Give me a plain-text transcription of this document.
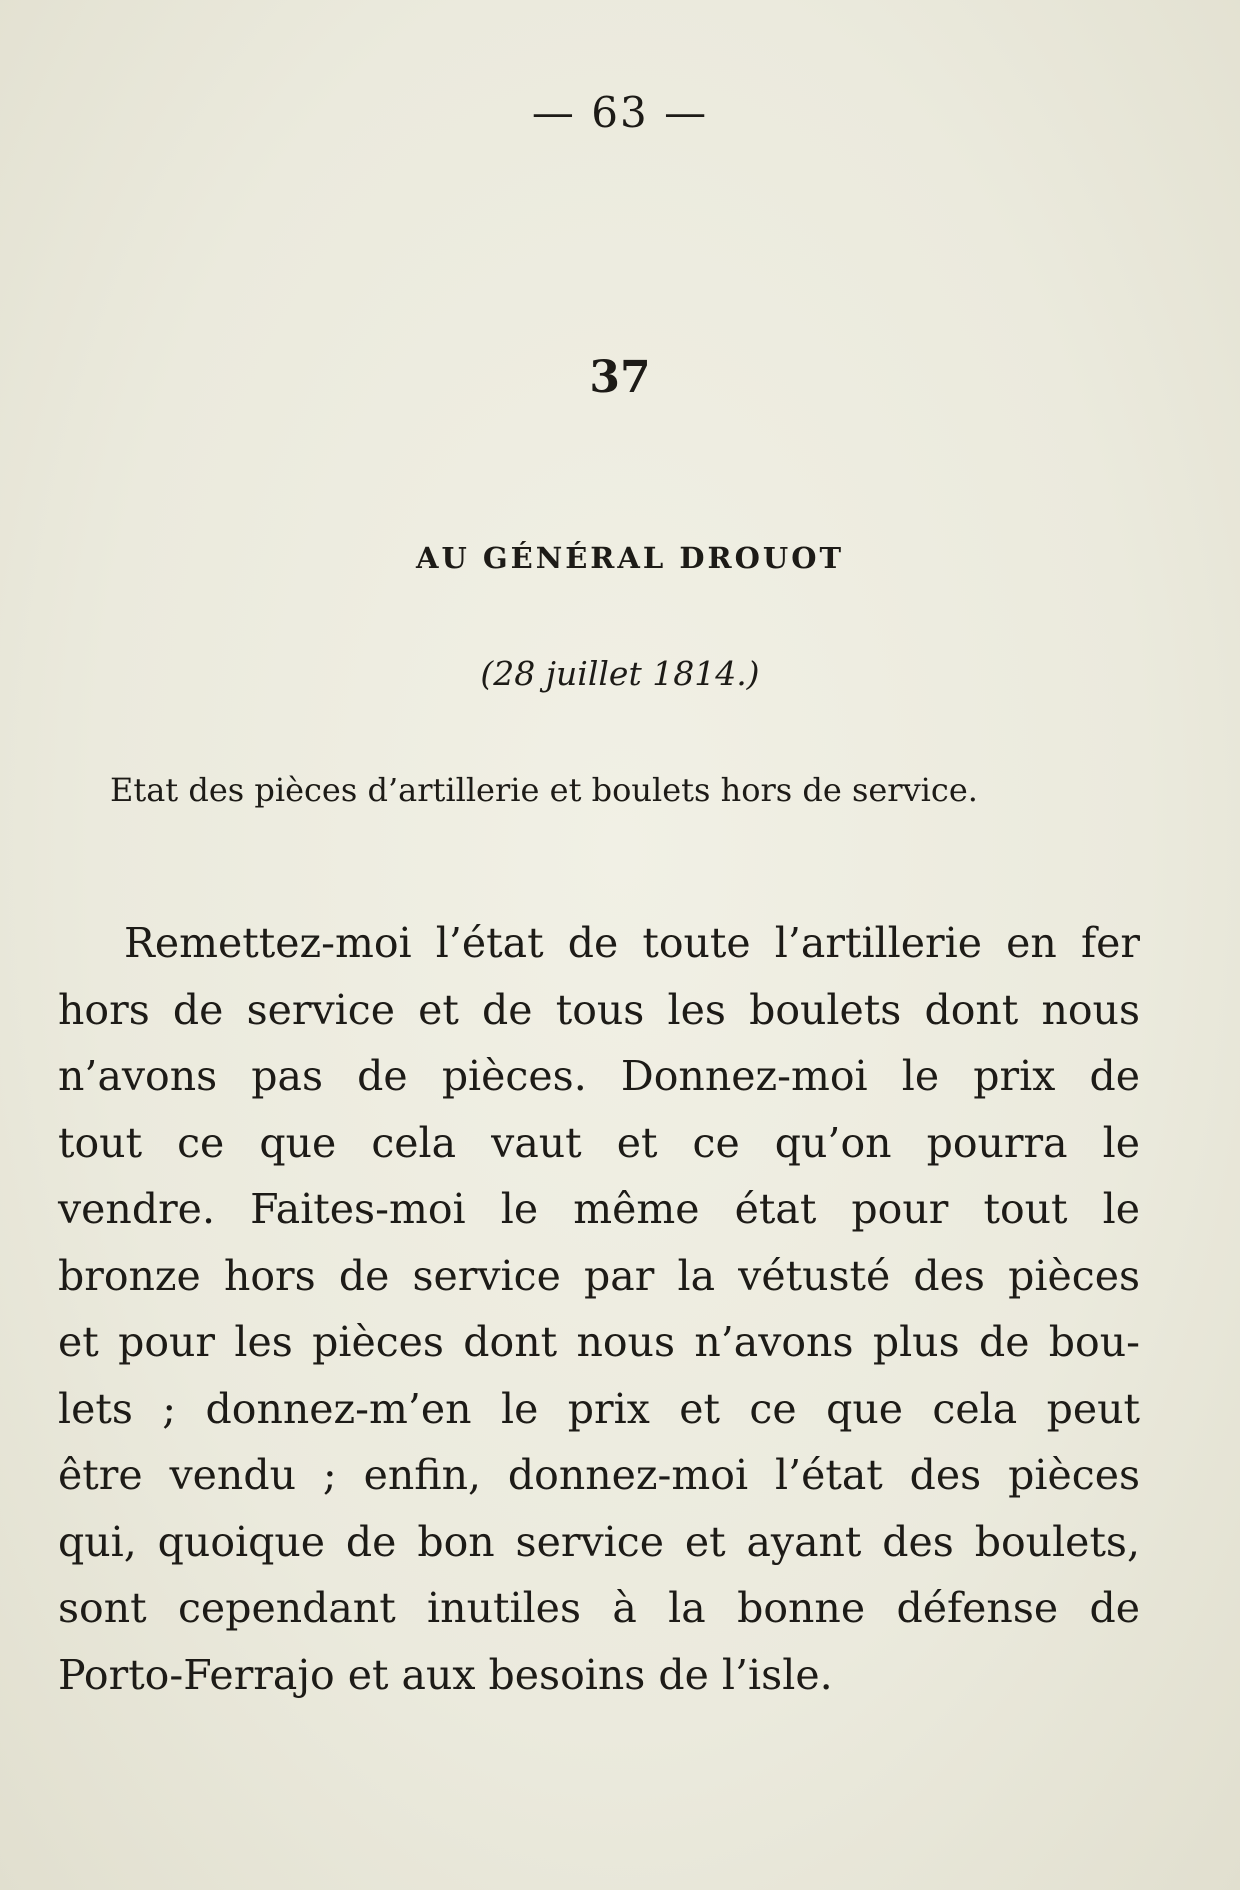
— 63 —
37
AU GÉNÉRAL DROUOT
(28 juillet 1814.)
Etat des pièces d’artillerie et boulets hors de service.
Remettez-moi l’état de toute l’artillerie en fer
hors de service et de tous les boulets dont nous
n’avons pas de pièces. Donnez-moi le prix de
tout ce que cela vaut et ce qu’on pourra le
vendre. Faites-moi le même état pour tout le
bronze hors de service par la vétusté des pièces
et pour les pièces dont nous n’avons plus de bou-
lets ; donnez-m’en le prix et ce que cela peut
être vendu ; enfin, donnez-moi l’état des pièces
qui, quoique de bon service et ayant des boulets,
sont cependant inutiles à la bonne défense de
Porto-Ferrajo et aux besoins de l’isle.
